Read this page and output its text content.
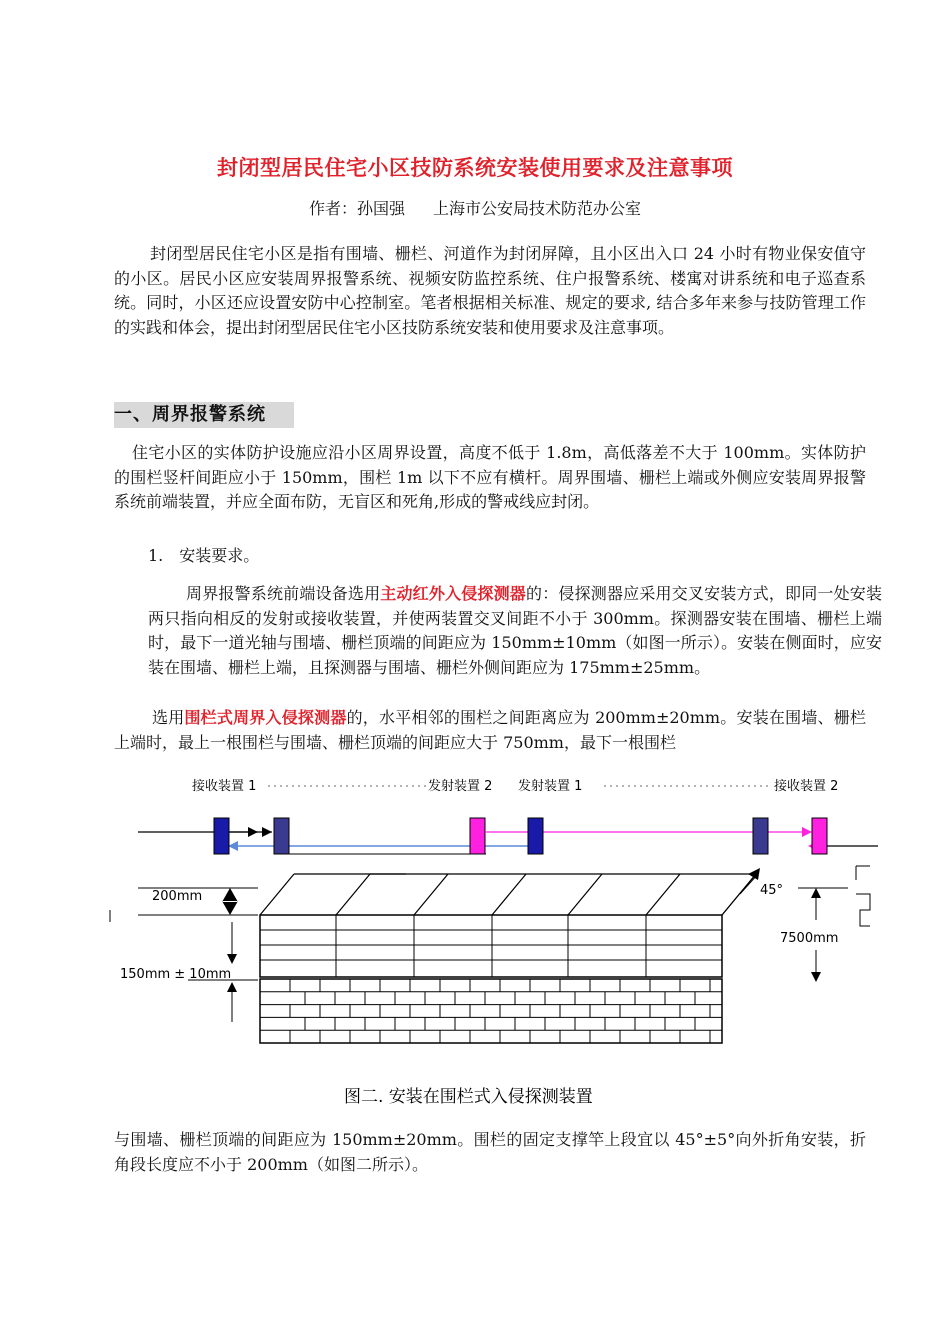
封闭型居民住宅小区技防系统安装使用要求及注意事项
作者：孙国强 上海市公安局技术防范办公室
封闭型居民住宅小区是指有围墙、栅栏、河道作为封闭屏障，且小区出入口 24 小时有物业保安值守的小区。居民小区应安装周界报警系统、视频安防监控系统、住户报警系统、楼寓对讲系统和电子巡查系统。同时，小区还应设置安防中心控制室。笔者根据相关标准、规定的要求, 结合多年来参与技防管理工作的实践和体会，提出封闭型居民住宅小区技防系统安装和使用要求及注意事项。
一、周界报警系统
住宅小区的实体防护设施应沿小区周界设置，高度不低于 1.8m，高低落差不大于 100mm。实体防护的围栏竖杆间距应小于 150mm，围栏 1m 以下不应有横杆。周界围墙、栅栏上端或外侧应安装周界报警系统前端装置，并应全面布防，无盲区和死角,形成的警戒线应封闭。
1.　安装要求。
周界报警系统前端设备选用主动红外入侵探测器的：侵探测器应采用交叉安装方式，即同一处安装两只指向相反的发射或接收装置，并使两装置交叉间距不小于 300mm。探测器安装在围墙、栅栏上端时，最下一道光轴与围墙、栅栏顶端的间距应为 150mm±10mm（如图一所示）。安装在侧面时，应安装在围墙、栅栏上端，且探测器与围墙、栅栏外侧间距应为 175mm±25mm。
选用围栏式周界入侵探测器的，水平相邻的围栏之间距离应为 200mm±20mm。安装在围墙、栅栏上端时，最上一根围栏与围墙、栅栏顶端的间距应大于 750mm，最下一根围栏
接收装置 1	发射装置 2 发射装置 1	接收装置 2
200mm
150mm ± 10mm
45°
7500mm
图二. 安装在围栏式入侵探测装置
与围墙、栅栏顶端的间距应为 150mm±20mm。围栏的固定支撑竿上段宜以 45°±5°向外折角安装，折角段长度应不小于 200mm（如图二所示）。
